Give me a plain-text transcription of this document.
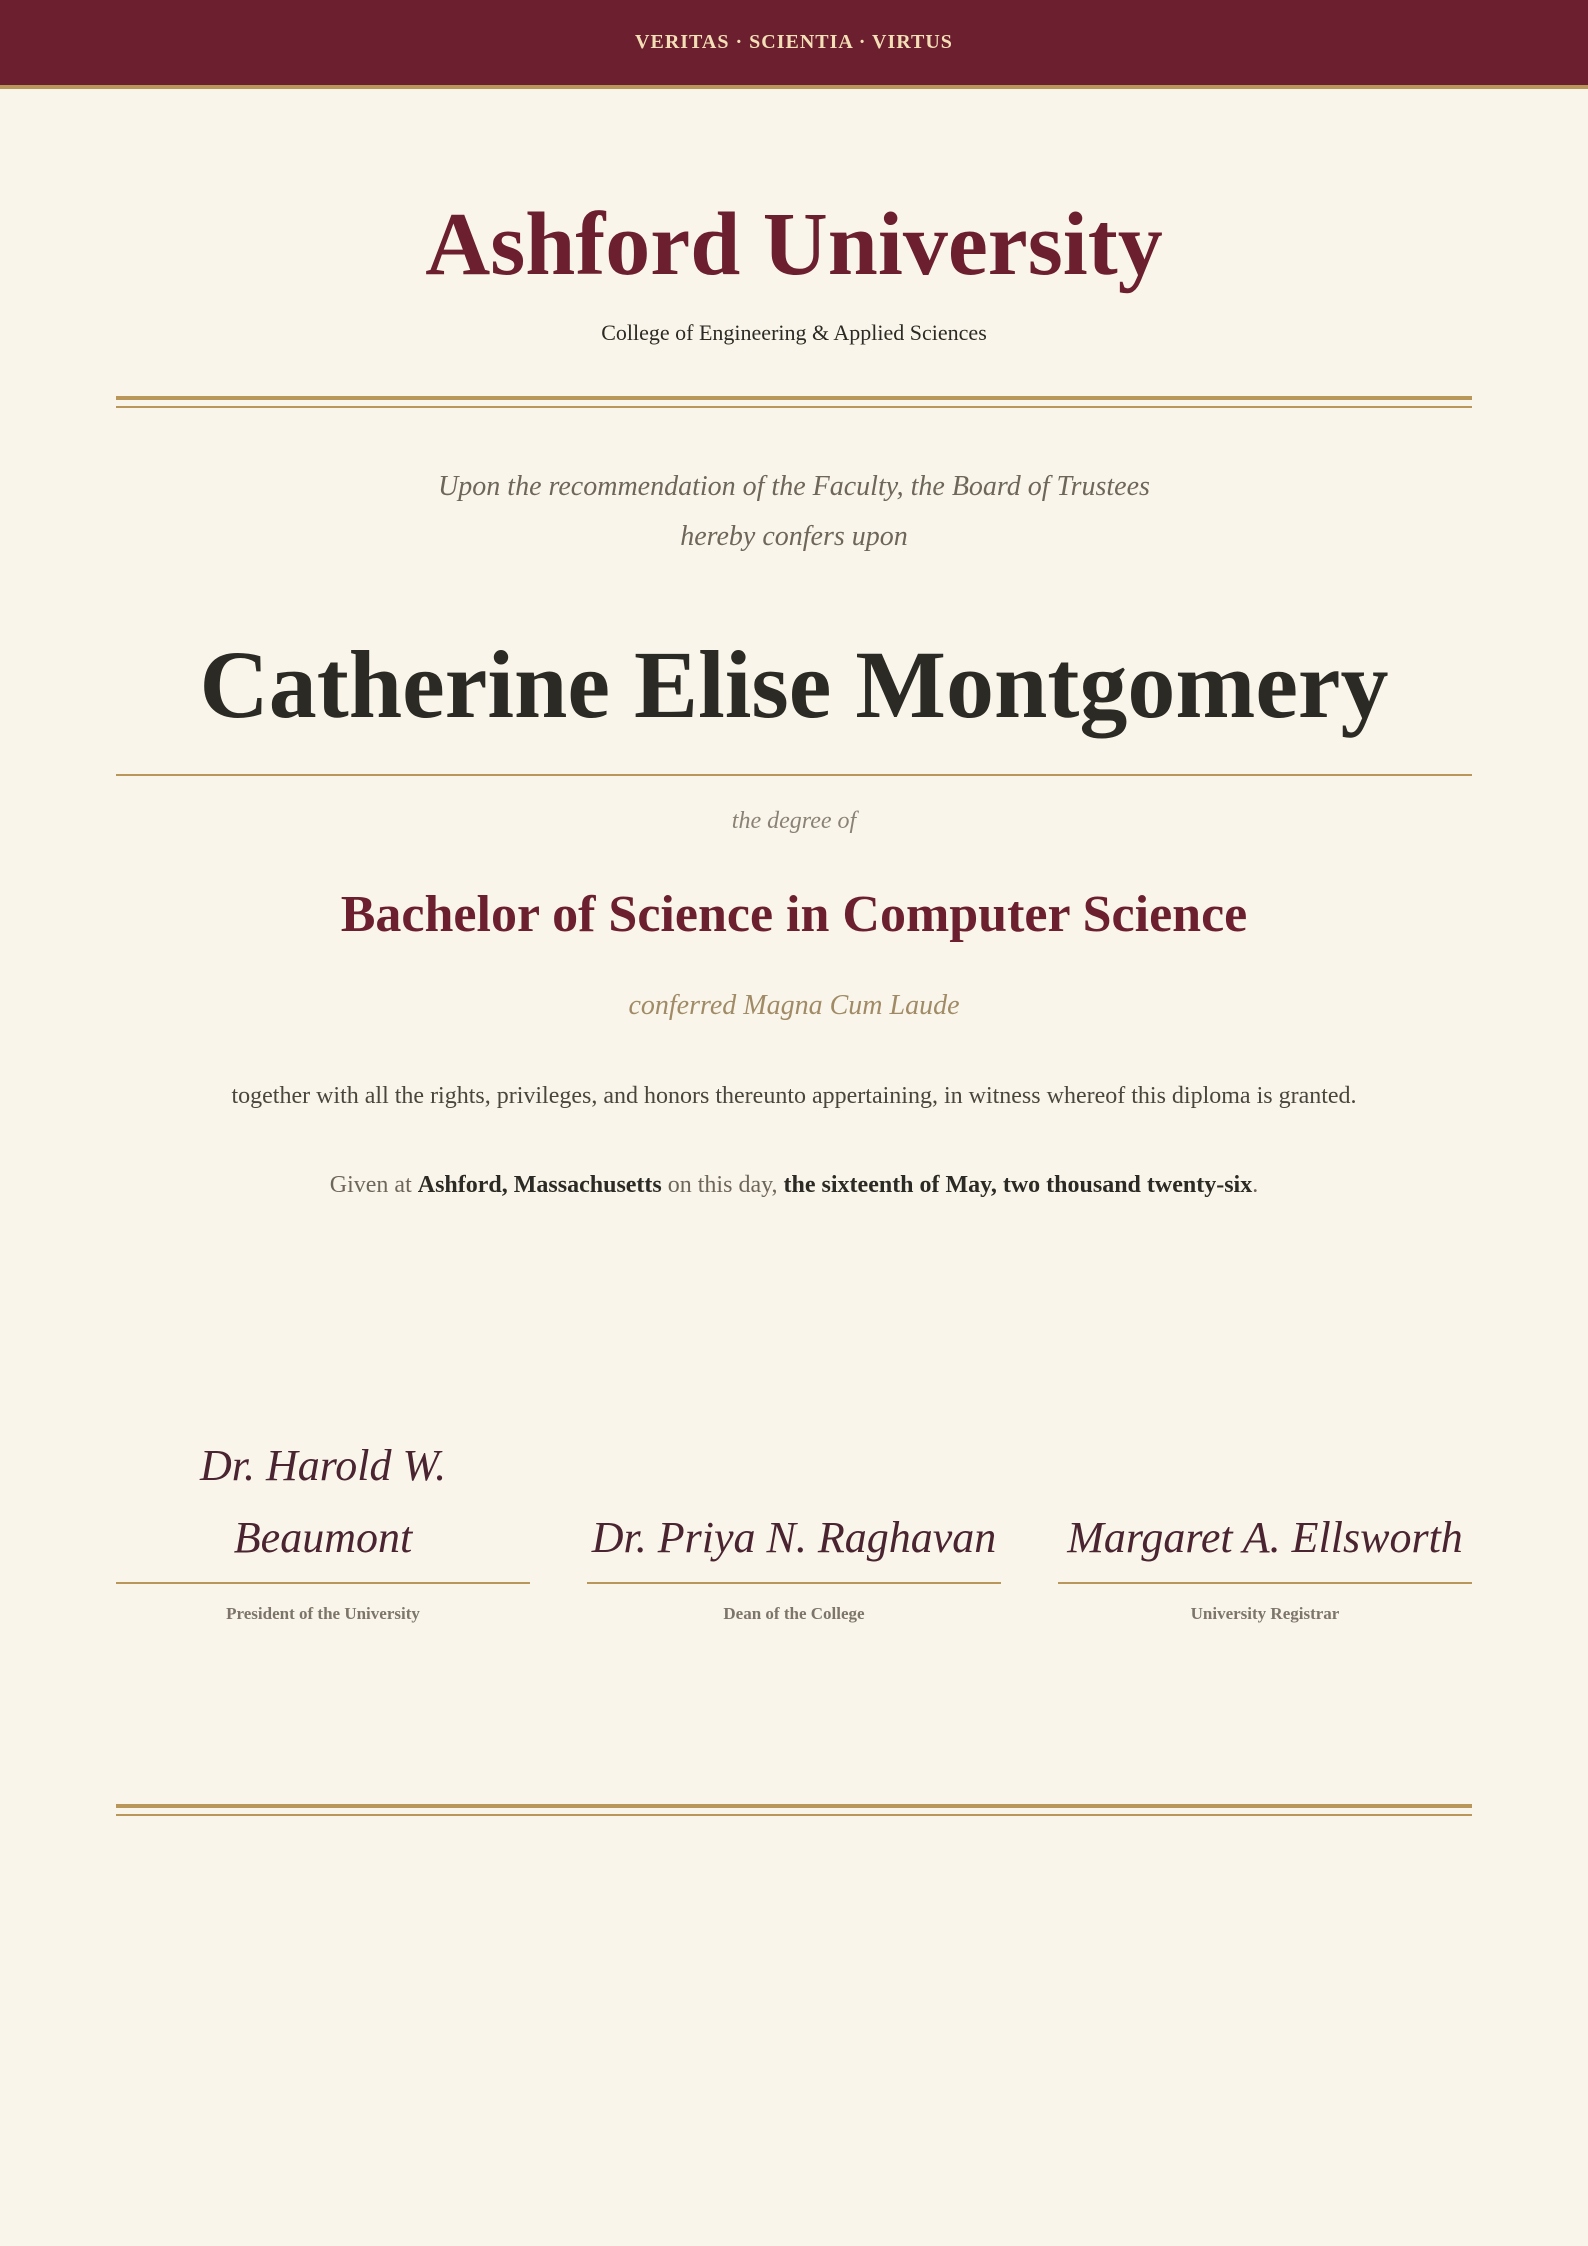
VERITAS · SCIENTIA · VIRTUS
Ashford University
College of Engineering & Applied Sciences
Upon the recommendation of the Faculty, the Board of Trustees
hereby confers upon
Catherine Elise Montgomery
the degree of
Bachelor of Science in Computer Science
conferred Magna Cum Laude
together with all the rights, privileges, and honors thereunto appertaining, in witness whereof this diploma is granted.
Given at Ashford, Massachusetts on this day, the sixteenth of May, two thousand twenty-six.
Dr. Harold W. Beaumont
President of the University
Dr. Priya N. Raghavan
Dean of the College
Margaret A. Ellsworth
University Registrar
